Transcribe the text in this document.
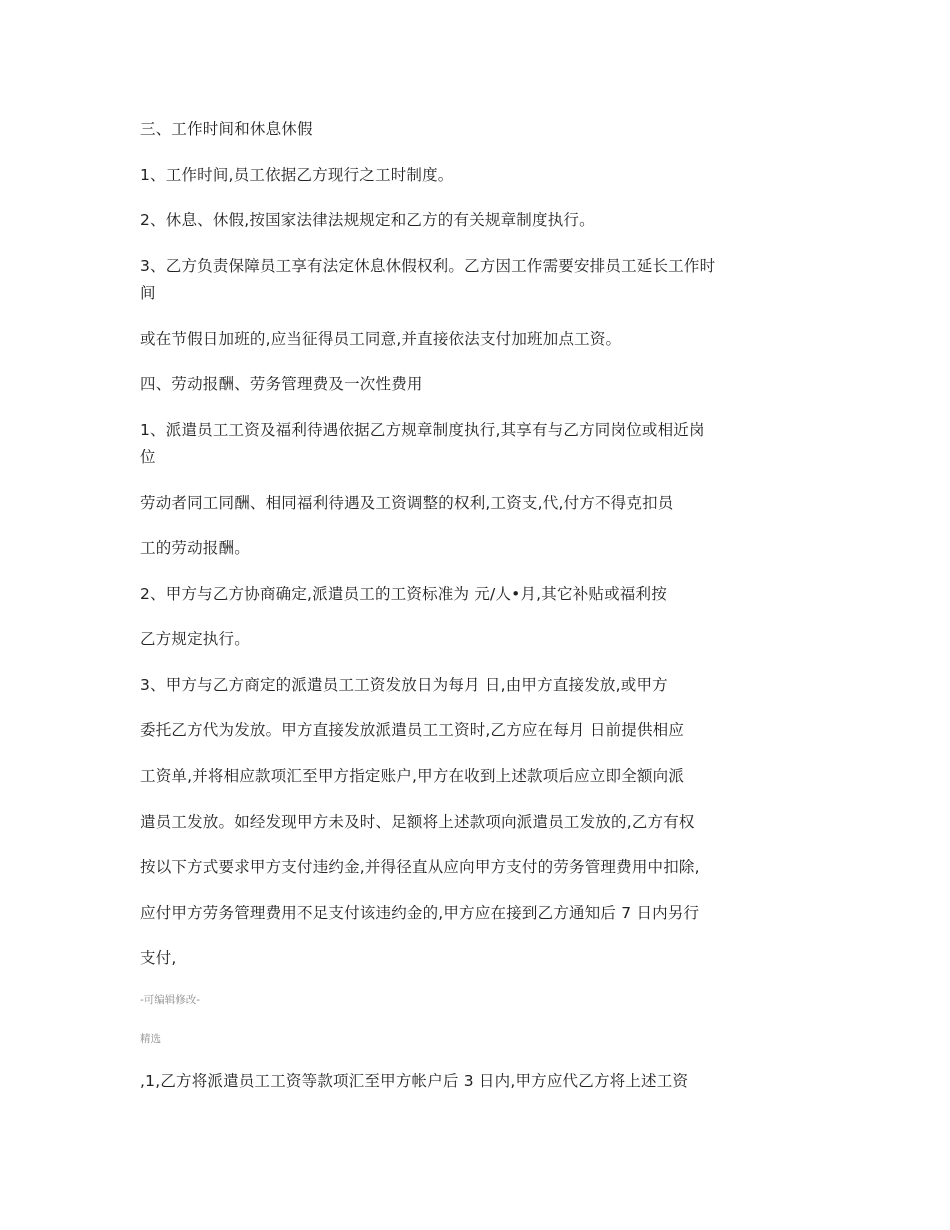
三、工作时间和休息休假
1、工作时间,员工依据乙方现行之工时制度。
2、休息、休假,按国家法律法规规定和乙方的有关规章制度执行。
3、乙方负责保障员工享有法定休息休假权利。乙方因工作需要安排员工延长工作时
间
或在节假日加班的,应当征得员工同意,并直接依法支付加班加点工资。
四、劳动报酬、劳务管理费及一次性费用
1、派遣员工工资及福利待遇依据乙方规章制度执行,其享有与乙方同岗位或相近岗
位
劳动者同工同酬、相同福利待遇及工资调整的权利,工资支,代,付方不得克扣员
工的劳动报酬。
2、甲方与乙方协商确定,派遣员工的工资标准为 元/人•月,其它补贴或福利按
乙方规定执行。
3、甲方与乙方商定的派遣员工工资发放日为每月 日,由甲方直接发放,或甲方
委托乙方代为发放。甲方直接发放派遣员工工资时,乙方应在每月 日前提供相应
工资单,并将相应款项汇至甲方指定账户,甲方在收到上述款项后应立即全额向派
遣员工发放。如经发现甲方未及时、足额将上述款项向派遣员工发放的,乙方有权
按以下方式要求甲方支付违约金,并得径直从应向甲方支付的劳务管理费用中扣除,
应付甲方劳务管理费用不足支付该违约金的,甲方应在接到乙方通知后 7 日内另行
支付,
-可编辑修改-
精选
,1,乙方将派遣员工工资等款项汇至甲方帐户后 3 日内,甲方应代乙方将上述工资
